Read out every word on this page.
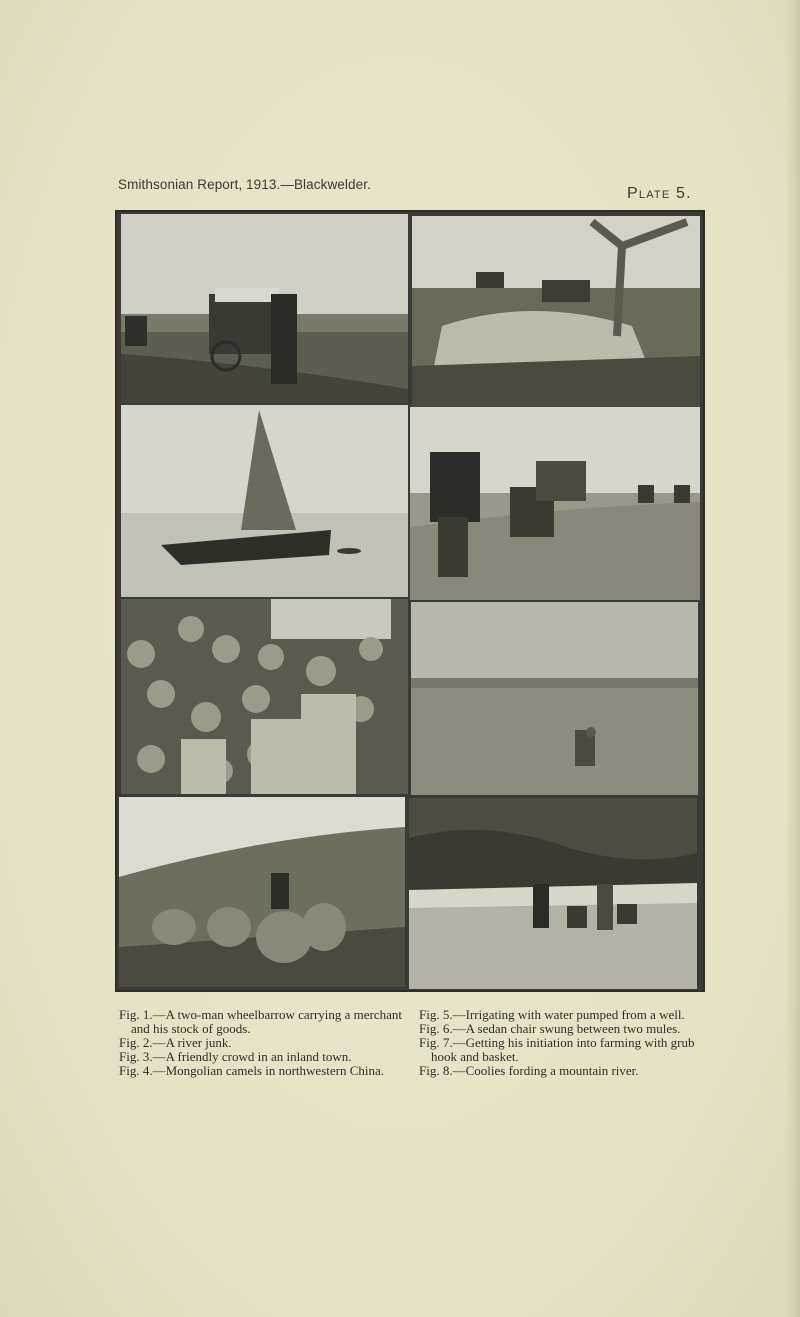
Smithsonian Report, 1913.—Blackwelder.
Plate 5.

Fig. 1.—A two-man wheelbarrow carrying a merchant and his stock of goods.

Fig. 2.—A river junk.

Fig. 3.—A friendly crowd in an inland town.

Fig. 4.—Mongolian camels in northwestern China.

Fig. 5.—Irrigating with water pumped from a well.

Fig. 6.—A sedan chair swung between two mules.

Fig. 7.—Getting his initiation into farming with grub hook and basket.

Fig. 8.—Coolies fording a mountain river.
